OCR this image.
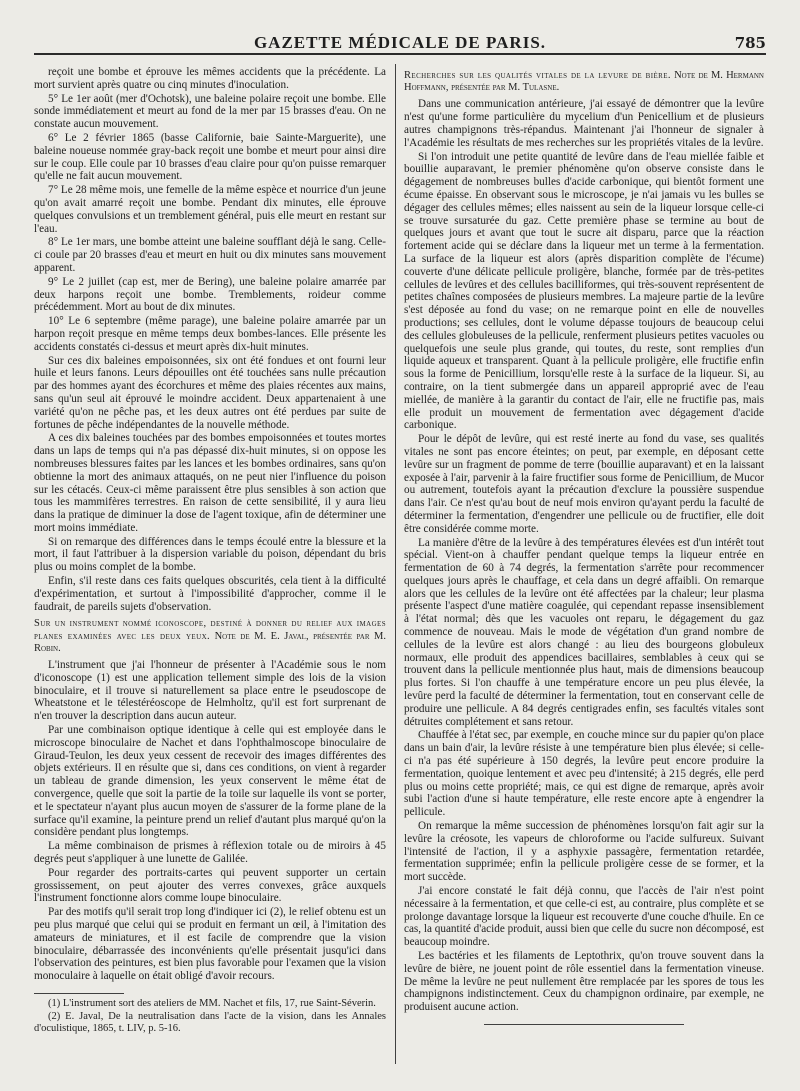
GAZETTE MÉDICALE DE PARIS.	785

reçoit une bombe et éprouve les mêmes accidents que la précédente. La mort survient après quatre ou cinq minutes d'inoculation.

5° Le 1er août (mer d'Ochotsk), une baleine polaire reçoit une bombe. Elle sonde immédiatement et meurt au fond de la mer par 15 brasses d'eau. On ne constate aucun mouvement.

6° Le 2 février 1865 (basse Californie, baie Sainte-Marguerite), une baleine noueuse nommée gray-back reçoit une bombe et meurt pour ainsi dire sur le coup. Elle coule par 10 brasses d'eau claire pour qu'on puisse remarquer qu'elle ne fait aucun mouvement.

7° Le 28 même mois, une femelle de la même espèce et nourrice d'un jeune qu'on avait amarré reçoit une bombe. Pendant dix minutes, elle éprouve quelques convulsions et un tremblement général, puis elle meurt en restant sur l'eau.

8° Le 1er mars, une bombe atteint une baleine soufflant déjà le sang. Celle-ci coule par 20 brasses d'eau et meurt en huit ou dix minutes sans mouvement apparent.

9° Le 2 juillet (cap est, mer de Bering), une baleine polaire amarrée par deux harpons reçoit une bombe. Tremblements, roideur comme précédemment. Mort au bout de dix minutes.

10° Le 6 septembre (même parage), une baleine polaire amarrée par un harpon reçoit presque en même temps deux bombes-lances. Elle présente les accidents constatés ci-dessus et meurt après dix-huit minutes.

Sur ces dix baleines empoisonnées, six ont été fondues et ont fourni leur huile et leurs fanons. Leurs dépouilles ont été touchées sans nulle précaution par des hommes ayant des écorchures et même des plaies récentes aux mains, sans qu'un seul ait éprouvé le moindre accident. Deux appartenaient à une variété qu'on ne pêche pas, et les deux autres ont été perdues par suite de fortunes de pêche indépendantes de la nouvelle méthode.

A ces dix baleines touchées par des bombes empoisonnées et toutes mortes dans un laps de temps qui n'a pas dépassé dix-huit minutes, si on oppose les nombreuses blessures faites par les lances et les bombes ordinaires, sans qu'on obtienne la mort des animaux attaqués, on ne peut nier l'influence du poison sur les cétacés. Ceux-ci même paraissent être plus sensibles à son action que tous les mammifères terrestres. En raison de cette sensibilité, il y aura lieu dans la pratique de diminuer la dose de l'agent toxique, afin de déterminer une mort moins immédiate.

Si on remarque des différences dans le temps écoulé entre la blessure et la mort, il faut l'attribuer à la dispersion variable du poison, dépendant du bris plus ou moins complet de la bombe.

Enfin, s'il reste dans ces faits quelques obscurités, cela tient à la difficulté d'expérimentation, et surtout à l'impossibilité d'approcher, comme il le faudrait, de pareils sujets d'observation.

Sur un instrument nommé iconoscope, destiné à donner du relief aux images planes examinées avec les deux yeux. Note de M. E. Javal, présentée par M. Robin.

L'instrument que j'ai l'honneur de présenter à l'Académie sous le nom d'iconoscope (1) est une application tellement simple des lois de la vision binoculaire, et il trouve si naturellement sa place entre le pseudoscope de Wheatstone et le télestéréoscope de Helmholtz, qu'il est fort surprenant de n'en trouver la description dans aucun auteur.

Par une combinaison optique identique à celle qui est employée dans le microscope binoculaire de Nachet et dans l'ophthalmoscope binoculaire de Giraud-Teulon, les deux yeux cessent de recevoir des images différentes des objets extérieurs. Il en résulte que si, dans ces conditions, on vient à regarder un tableau de grande dimension, les yeux conservent le même état de convergence, quelle que soit la partie de la toile sur laquelle ils vont se porter, et le spectateur n'ayant plus aucun moyen de s'assurer de la forme plane de la surface qu'il examine, la peinture prend un relief d'autant plus marqué qu'on la considère pendant plus longtemps.

La même combinaison de prismes à réflexion totale ou de miroirs à 45 degrés peut s'appliquer à une lunette de Galilée.

Pour regarder des portraits-cartes qui peuvent supporter un certain grossissement, on peut ajouter des verres convexes, grâce auxquels l'instrument fonctionne alors comme loupe binoculaire.

Par des motifs qu'il serait trop long d'indiquer ici (2), le relief obtenu est un peu plus marqué que celui qui se produit en fermant un œil, à l'imitation des amateurs de miniatures, et il est facile de comprendre que la vision binoculaire, débarrassée des inconvénients qu'elle présentait jusqu'ici dans l'observation des peintures, est bien plus favorable pour l'examen que la vision monoculaire à laquelle on était obligé d'avoir recours.

(1) L'instrument sort des ateliers de MM. Nachet et fils, 17, rue Saint-Séverin.

(2) E. Javal, De la neutralisation dans l'acte de la vision, dans les Annales d'oculistique, 1865, t. LIV, p. 5-16.

Recherches sur les qualités vitales de la levure de bière. Note de M. Hermann Hoffmann, présentée par M. Tulasne.

Dans une communication antérieure, j'ai essayé de démontrer que la levûre n'est qu'une forme particulière du mycelium d'un Penicellium et de plusieurs autres champignons très-répandus. Maintenant j'ai l'honneur de signaler à l'Académie les résultats de mes recherches sur les propriétés vitales de la levûre.

Si l'on introduit une petite quantité de levûre dans de l'eau miellée faible et bouillie auparavant, le premier phénomène qu'on observe consiste dans le dégagement de nombreuses bulles d'acide carbonique, qui bientôt forment une écume épaisse. En observant sous le microscope, je n'ai jamais vu les bulles se dégager des cellules mêmes; elles naissent au sein de la liqueur lorsque celle-ci se trouve sursaturée du gaz. Cette première phase se termine au bout de quelques jours et avant que tout le sucre ait disparu, parce que la réaction fortement acide qui se déclare dans la liqueur met un terme à la fermentation. La surface de la liqueur est alors (après disparition complète de l'écume) couverte d'une délicate pellicule proligère, blanche, formée par de très-petites cellules de levûres et des cellules bacilliformes, qui très-souvent représentent de petites chaînes composées de plusieurs membres. La majeure partie de la levûre s'est déposée au fond du vase; on ne remarque point en elle de nouvelles productions; ses cellules, dont le volume dépasse toujours de beaucoup celui des cellules globuleuses de la pellicule, renferment plusieurs petites vacuoles ou quelquefois une seule plus grande, qui toutes, du reste, sont remplies d'un liquide aqueux et transparent. Quant à la pellicule proligère, elle fructifie enfin sous la forme de Penicillium, lorsqu'elle reste à la surface de la liqueur. Si, au contraire, on la tient submergée dans un appareil approprié avec de l'eau miellée, de manière à la garantir du contact de l'air, elle ne fructifie pas, mais elle produit un mouvement de fermentation avec dégagement d'acide carbonique.

Pour le dépôt de levûre, qui est resté inerte au fond du vase, ses qualités vitales ne sont pas encore éteintes; on peut, par exemple, en déposant cette levûre sur un fragment de pomme de terre (bouillie auparavant) et en la laissant exposée à l'air, parvenir à la faire fructifier sous forme de Penicillium, de Mucor ou autrement, toutefois ayant la précaution d'exclure la poussière suspendue dans l'air. Ce n'est qu'au bout de neuf mois environ qu'ayant perdu la faculté de déterminer la fermentation, d'engendrer une pellicule ou de fructifier, elle doit être considérée comme morte.

La manière d'être de la levûre à des températures élevées est d'un intérêt tout spécial. Vient-on à chauffer pendant quelque temps la liqueur entrée en fermentation de 60 à 74 degrés, la fermentation s'arrête pour recommencer quelques jours après le chauffage, et cela dans un degré affaibli. On remarque alors que les cellules de la levûre ont été affectées par la chaleur; leur plasma présente l'aspect d'une matière coagulée, qui cependant repasse insensiblement à l'état normal; dès que les vacuoles ont reparu, le dégagement du gaz commence de nouveau. Mais le mode de végétation d'un grand nombre de cellules de la levûre est alors changé : au lieu des bourgeons globuleux normaux, elle produit des appendices bacillaires, semblables à ceux qui se trouvent dans la pellicule mentionnée plus haut, mais de dimensions beaucoup plus fortes. Si l'on chauffe à une température encore un peu plus élevée, la levûre perd la faculté de déterminer la fermentation, tout en conservant celle de produire une pellicule. A 84 degrés centigrades enfin, ses facultés vitales sont détruites complétement et sans retour.

Chauffée à l'état sec, par exemple, en couche mince sur du papier qu'on place dans un bain d'air, la levûre résiste à une température bien plus élevée; si celle-ci n'a pas été supérieure à 150 degrés, la levûre peut encore produire la fermentation, quoique lentement et avec peu d'intensité; à 215 degrés, elle perd plus ou moins cette propriété; mais, ce qui est digne de remarque, après avoir subi l'action d'une si haute température, elle reste encore apte à engendrer la pellicule.

On remarque la même succession de phénomènes lorsqu'on fait agir sur la levûre la créosote, les vapeurs de chloroforme ou l'acide sulfureux. Suivant l'intensité de l'action, il y a asphyxie passagère, fermentation retardée, fermentation supprimée; enfin la pellicule proligère cesse de se former, et la mort succède.

J'ai encore constaté le fait déjà connu, que l'accès de l'air n'est point nécessaire à la fermentation, et que celle-ci est, au contraire, plus complète et se prolonge davantage lorsque la liqueur est recouverte d'une couche d'huile. En ce cas, la quantité d'acide produit, aussi bien que celle du sucre non décomposé, est beaucoup moindre.

Les bactéries et les filaments de Leptothrix, qu'on trouve souvent dans la levûre de bière, ne jouent point de rôle essentiel dans la fermentation vineuse. De même la levûre ne peut nullement être remplacée par les spores de tous les champignons indistinctement. Ceux du champignon ordinaire, par exemple, ne produisent aucune action.
